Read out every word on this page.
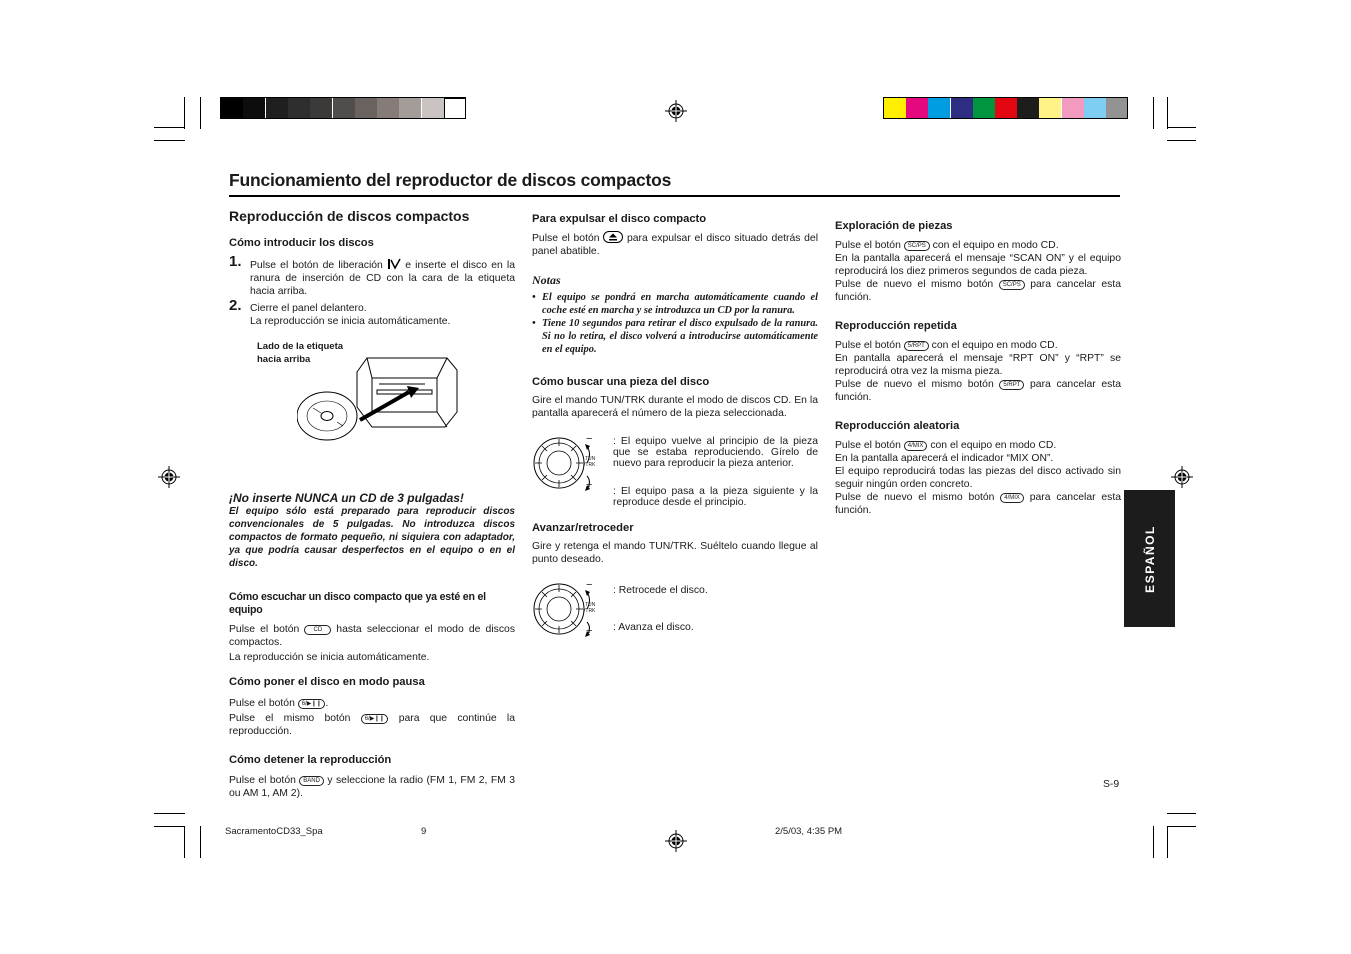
Funcionamiento del reproductor de discos compactos

Reproducción de discos compactos

Cómo introducir los discos

1. Pulse el botón de liberación e inserte el disco en la ranura de inserción de CD con la cara de la etiqueta hacia arriba.

2. Cierre el panel delantero.

La reproducción se inicia automáticamente.

Lado de la etiqueta hacia arriba

¡No inserte NUNCA un CD de 3 pulgadas!

El equipo sólo está preparado para reproducir discos convencionales de 5 pulgadas. No introduzca discos compactos de formato pequeño, ni siquiera con adaptador, ya que podría causar desperfectos en el equipo o en el disco.

Cómo escuchar un disco compacto que ya esté en el equipo

Pulse el botón CD hasta seleccionar el modo de discos compactos.

La reproducción se inicia automáticamente.

Cómo poner el disco en modo pausa

Pulse el botón 6/▶❙❙ .

Pulse el mismo botón 6/▶❙❙ para que continúe la reproducción.

Cómo detener la reproducción

Pulse el botón BAND y seleccione la radio (FM 1, FM 2, FM 3 ou AM 1, AM 2).

Para expulsar el disco compacto

Pulse el botón	para expulsar el disco situado detrás del panel abatible.

Notas

• El equipo se pondrá en marcha automáticamente cuando el coche esté en marcha y se introduzca un CD por la ranura.
• Tiene 10 segundos para retirar el disco expulsado de la ranura. Si no lo retira, el disco volverá a introducirse automáticamente en el equipo.

Cómo buscar una pieza del disco

Gire el mando TUN/TRK durante el modo de discos CD. En la pantalla aparecerá el número de la pieza seleccionada.

−
TUN
/TRK
+

: El equipo vuelve al principio de la pieza que se estaba reproduciendo. Gírelo de nuevo para reproducir la pieza anterior.

: El equipo pasa a la pieza siguiente y la reproduce desde el principio.

Avanzar/retroceder

Gire y retenga el mando TUN/TRK. Suéltelo cuando llegue al punto deseado.

−
TUN
/TRK
+

: Retrocede el disco.

: Avanza el disco.

Exploración de piezas

Pulse el botón SC/PS con el equipo en modo CD.

En la pantalla aparecerá el mensaje “SCAN ON” y el equipo reproducirá los diez primeros segundos de cada pieza.

Pulse de nuevo el mismo botón SC/PS para cancelar esta función.

Reproducción repetida

Pulse el botón 5/RPT con el equipo en modo CD.

En pantalla aparecerá el mensaje “RPT ON” y “RPT” se reproducirá otra vez la misma pieza.

Pulse de nuevo el mismo botón 5/RPT para cancelar esta función.

Reproducción aleatoria

Pulse el botón 4/MIX con el equipo en modo CD.

En la pantalla aparecerá el indicador “MIX ON”.

El equipo reproducirá todas las piezas del disco activado sin seguir ningún orden concreto.

Pulse de nuevo el mismo botón 4/MIX para cancelar esta función.

ESPAÑOL
S-9
SacramentoCD33_Spa	9	2/5/03, 4:35 PM
